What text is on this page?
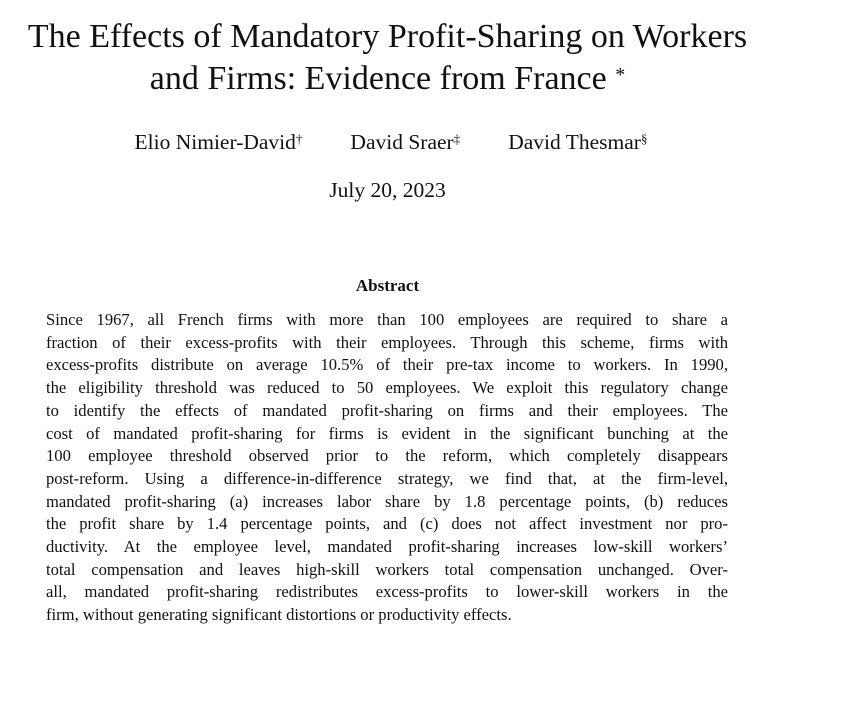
The Effects of Mandatory Profit-Sharing on Workers
and Firms: Evidence from France *
Elio Nimier-David† David Sraer‡ David Thesmar§
July 20, 2023
Abstract
Since 1967, all French firms with more than 100 employees are required to share a
fraction of their excess-profits with their employees. Through this scheme, firms with
excess-profits distribute on average 10.5% of their pre-tax income to workers. In 1990,
the eligibility threshold was reduced to 50 employees. We exploit this regulatory change
to identify the effects of mandated profit-sharing on firms and their employees. The
cost of mandated profit-sharing for firms is evident in the significant bunching at the
100 employee threshold observed prior to the reform, which completely disappears
post-reform. Using a difference-in-difference strategy, we find that, at the firm-level,
mandated profit-sharing (a) increases labor share by 1.8 percentage points, (b) reduces
the profit share by 1.4 percentage points, and (c) does not affect investment nor pro-
ductivity. At the employee level, mandated profit-sharing increases low-skill workers’
total compensation and leaves high-skill workers total compensation unchanged. Over-
all, mandated profit-sharing redistributes excess-profits to lower-skill workers in the
firm, without generating significant distortions or productivity effects.
